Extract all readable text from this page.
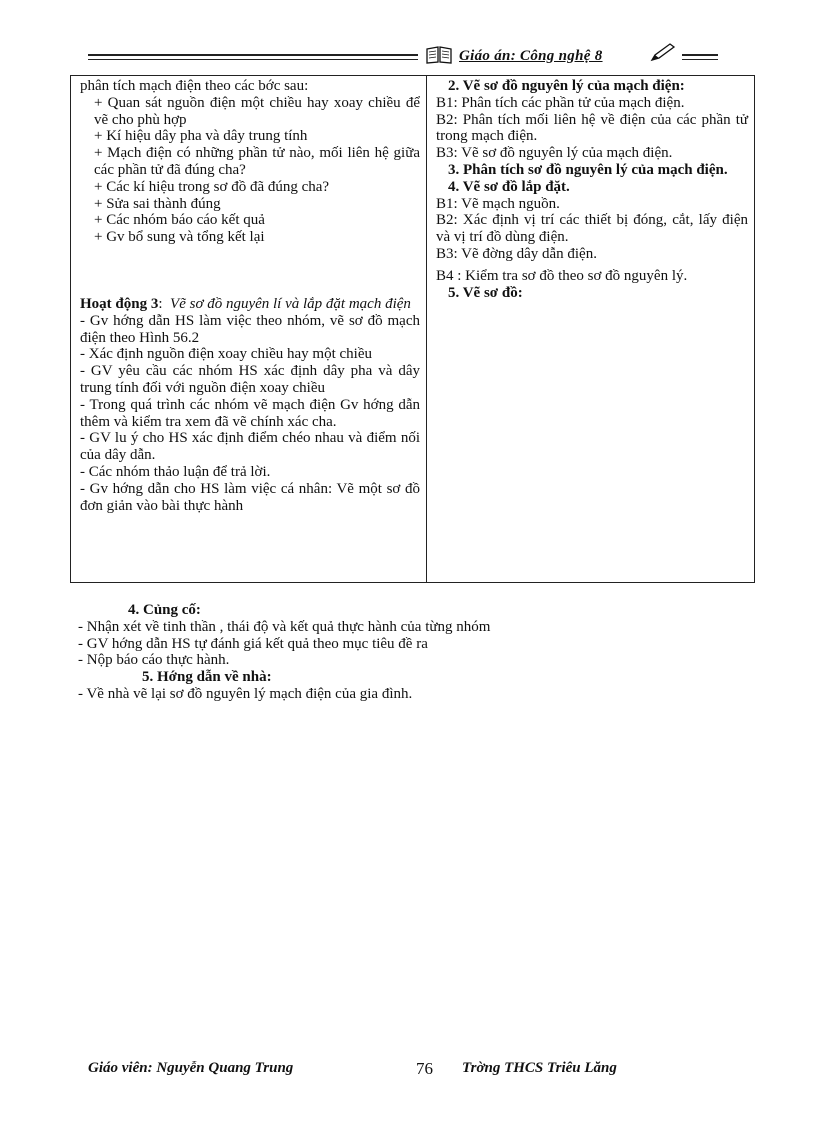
Giáo án: Công nghệ 8

phân tích mạch điện theo các bớc sau:

+ Quan sát nguồn điện một chiều hay xoay chiều để vẽ cho phù hợp

+ Kí hiệu dây pha và dây trung tính

+ Mạch điện có những phần tử nào, mối liên hệ giữa các phần tử đã đúng cha?

+ Các kí hiệu trong sơ đồ đã đúng cha?

+ Sửa sai thành đúng

+ Các nhóm báo cáo kết quả

+ Gv bổ sung và tổng kết lại

Hoạt động 3:  Vẽ sơ đồ nguyên lí và lắp đặt mạch điện

- Gv hớng dẫn HS làm việc theo nhóm, vẽ sơ đồ mạch điện theo Hình 56.2

- Xác định nguồn điện xoay chiều hay một chiều

- GV yêu cầu các nhóm HS xác định dây pha và dây trung tính đối với nguồn điện xoay chiều

- Trong quá trình các nhóm vẽ mạch điện Gv hớng dẫn thêm và kiểm tra xem đã vẽ chính xác cha.

- GV lu ý cho HS xác định điểm chéo nhau và điểm nối của dây dẫn.

- Các nhóm thảo luận để trả lời.

- Gv hớng dẫn cho HS làm việc cá nhân: Vẽ một sơ đồ đơn giản vào bài thực hành

2. Vẽ sơ đồ nguyên lý của mạch điện:

B1: Phân tích các phần tử của mạch điện.

B2: Phân tích mối liên hệ về điện của các phần tử trong mạch điện.

B3: Vẽ sơ đồ nguyên lý của mạch điện.

3. Phân tích sơ đồ nguyên lý của mạch điện.

4. Vẽ sơ đồ lắp đặt.

B1: Vẽ mạch nguồn.

B2: Xác định vị trí các thiết bị đóng, cắt, lấy điện và vị trí đồ dùng điện.

B3: Vẽ đờng dây dẫn điện.

B4 : Kiểm tra sơ đồ theo sơ đồ nguyên lý.

5. Vẽ sơ đồ:

4. Củng cố:
- Nhận xét về tinh thần , thái độ và kết quả thực hành của từng nhóm
- GV hớng dẫn HS tự đánh giá kết quả theo mục tiêu đề ra
- Nộp báo cáo thực hành.
5. Hớng dẫn về nhà:
- Về nhà vẽ lại sơ đồ nguyên lý mạch điện của gia đình.
Giáo viên: Nguyễn Quang Trung	76 Trờng THCS Triêu Lăng
